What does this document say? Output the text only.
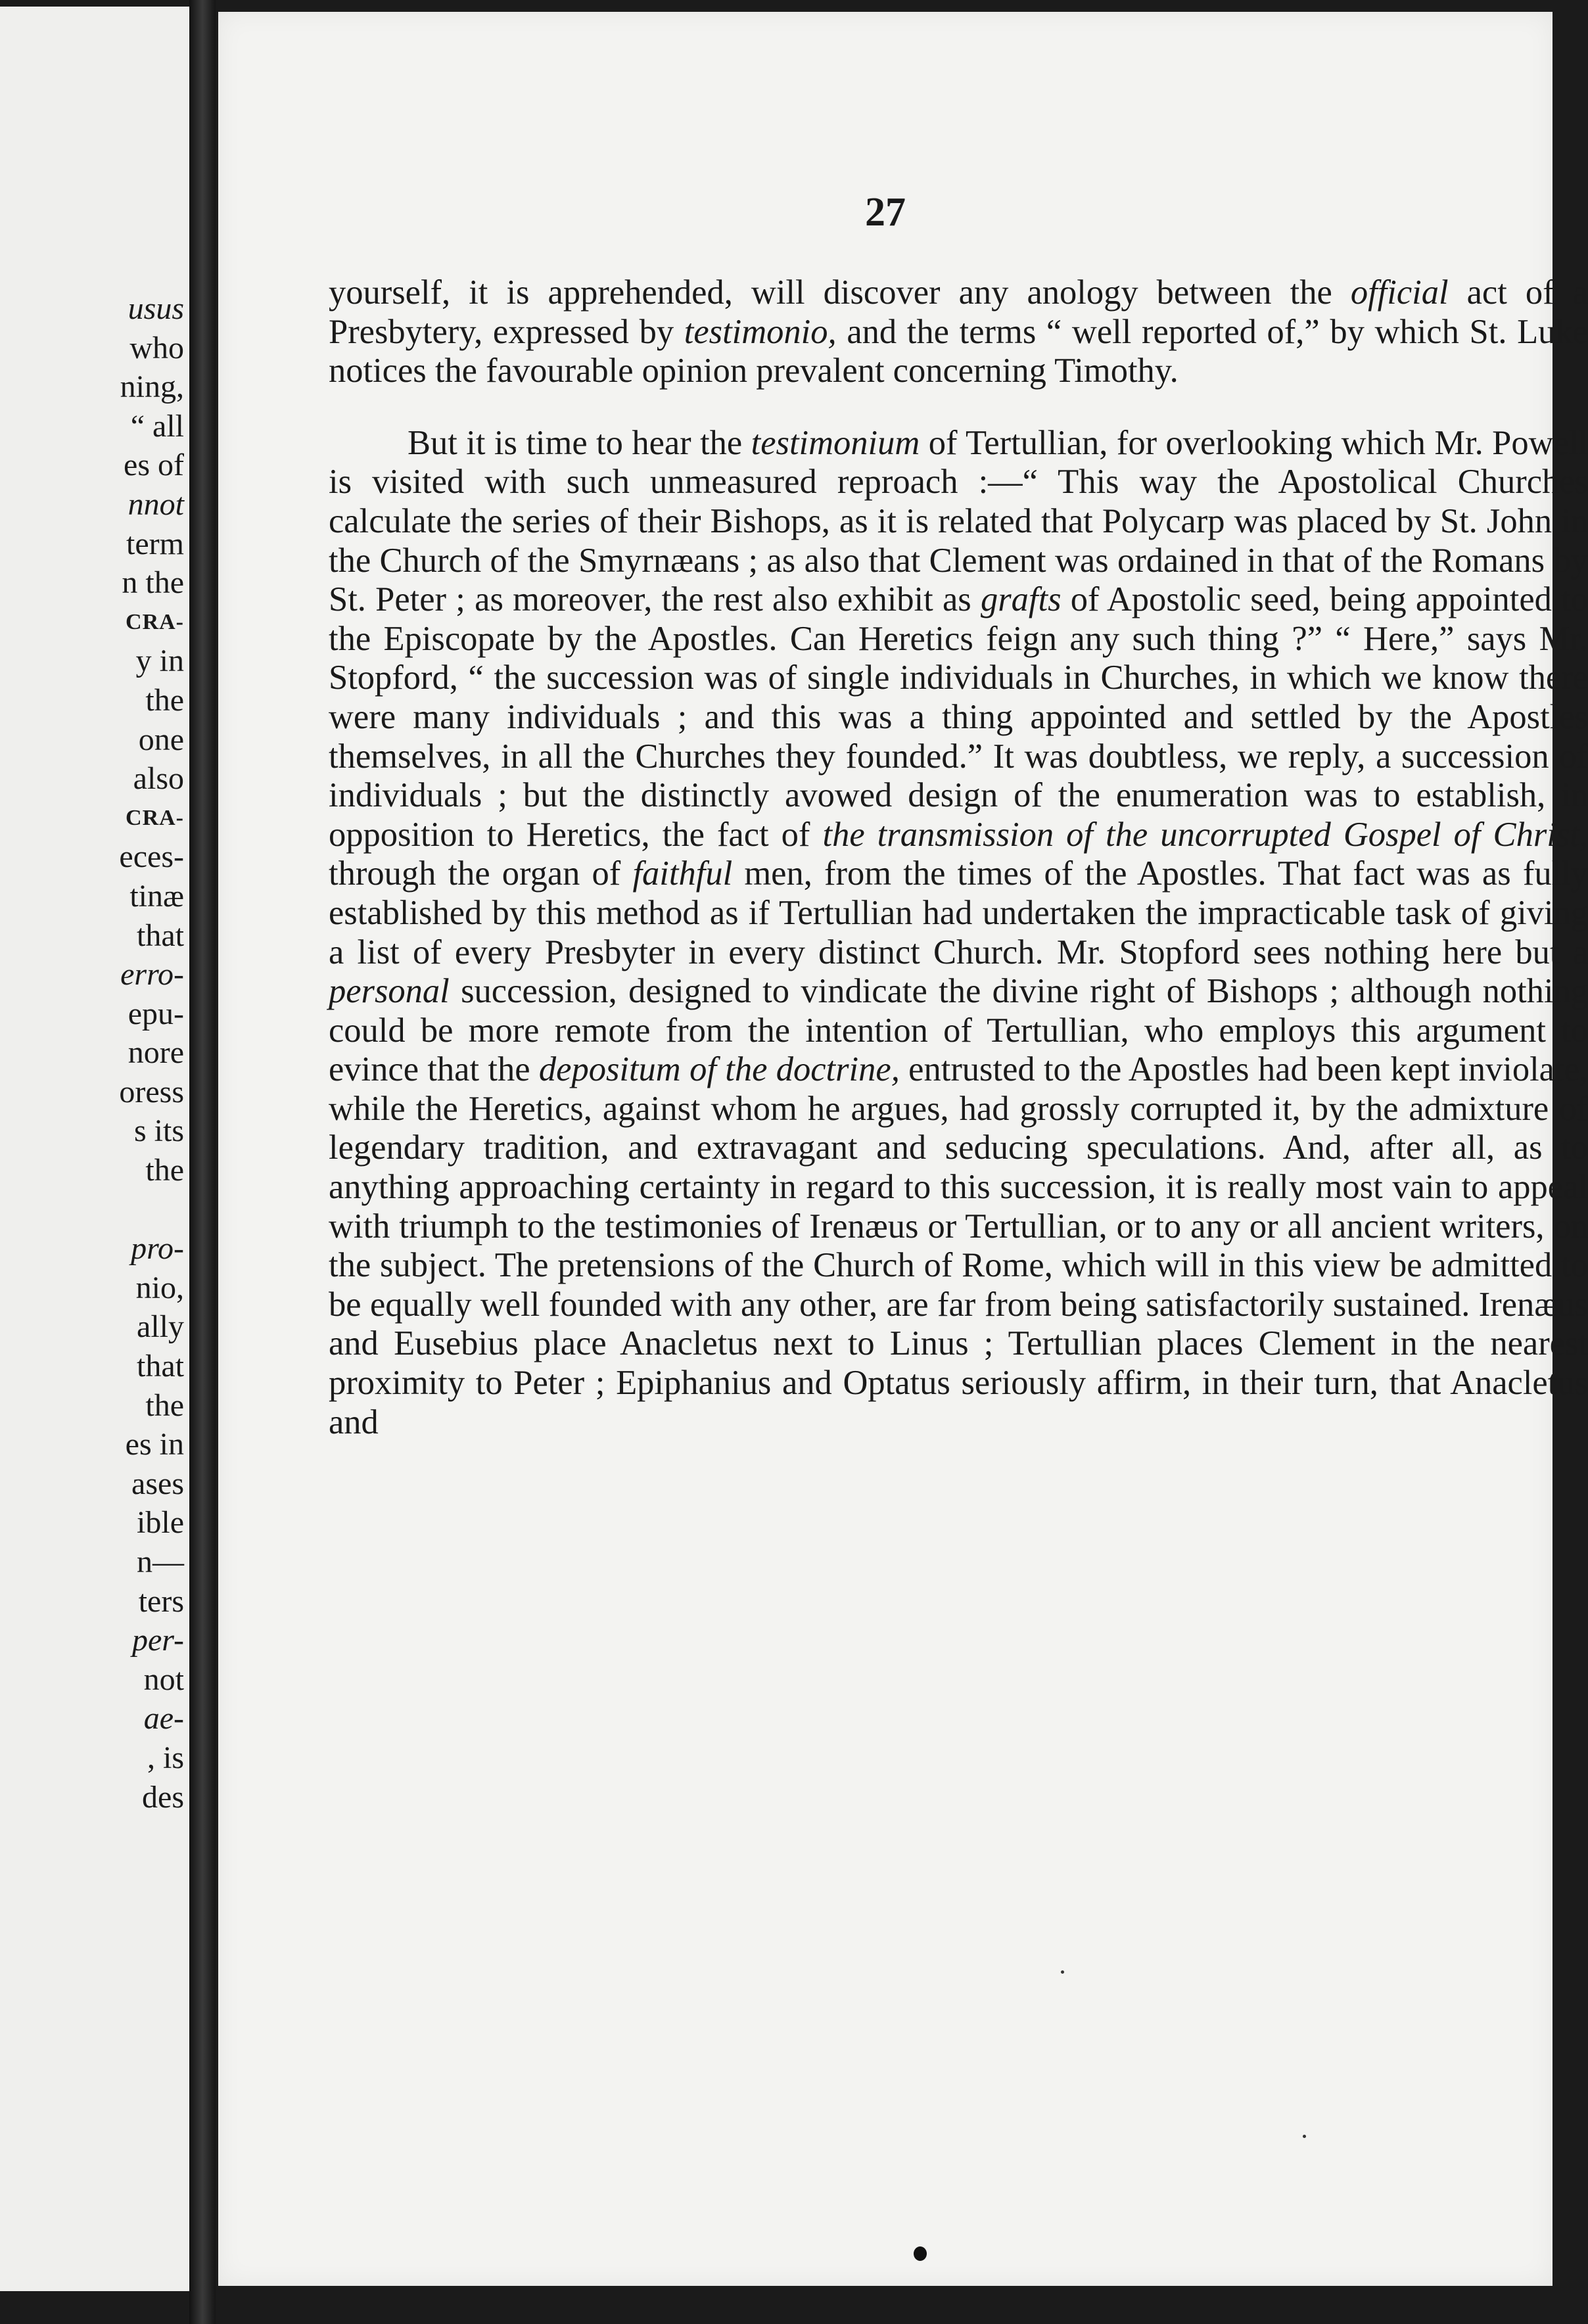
usus
who
ning,
“ all
es of
nnot
term
n the
CRA-
y in
the
one
also
CRA-
eces-
tinæ
that
erro-
epu-
nore
oress
s its
the

pro-
nio,
ally
that
the
es in
ases
ible
n—
ters
per-
not
ae-
, is
des
27

yourself, it is apprehended, will discover any anology between the official act of a Presbytery, expressed by testimonio, and the terms “ well reported of,” by which St. Luke notices the favourable opinion prevalent concerning Timothy.

But it is time to hear the testimonium of Tertullian, for overlooking which Mr. Powell is visited with such unmeasured reproach :—“ This way the Apostolical Churches calculate the series of their Bishops, as it is related that Polycarp was placed by St. John in the Church of the Smyrnæans ; as also that Clement was ordained in that of the Romans by St. Peter ; as moreover, the rest also exhibit as grafts of Apostolic seed, being appointed to the Episcopate by the Apostles. Can Heretics feign any such thing ?” “ Here,” says Mr. Stopford, “ the succession was of single individuals in Churches, in which we know there were many individuals ; and this was a thing appointed and settled by the Apostles themselves, in all the Churches they founded.” It was doubtless, we reply, a succession of individuals ; but the distinctly avowed design of the enumeration was to establish, in opposition to Heretics, the fact of the transmission of the uncorrupted Gospel of Christ, through the organ of faithful men, from the times of the Apostles. That fact was as fully established by this method as if Tertullian had undertaken the impracticable task of giving a list of every Presbyter in every distinct Church. Mr. Stopford sees nothing here but a personal succession, designed to vindicate the divine right of Bishops ; although nothing could be more remote from the intention of Tertullian, who employs this argument to evince that the depositum of the doctrine, entrusted to the Apostles had been kept inviolate, while the Heretics, against whom he argues, had grossly corrupted it, by the admixture of legendary tradition, and extravagant and seducing speculations. And, after all, as to anything approaching certainty in regard to this succession, it is really most vain to appeal with triumph to the testimonies of Irenæus or Tertullian, or to any or all ancient writers, on the subject. The pretensions of the Church of Rome, which will in this view be admitted to be equally well founded with any other, are far from being satisfactorily sustained. Irenæus and Eusebius place Anacletus next to Linus ; Tertullian places Clement in the nearest proximity to Peter ; Epiphanius and Optatus seriously affirm, in their turn, that Anacletus and
